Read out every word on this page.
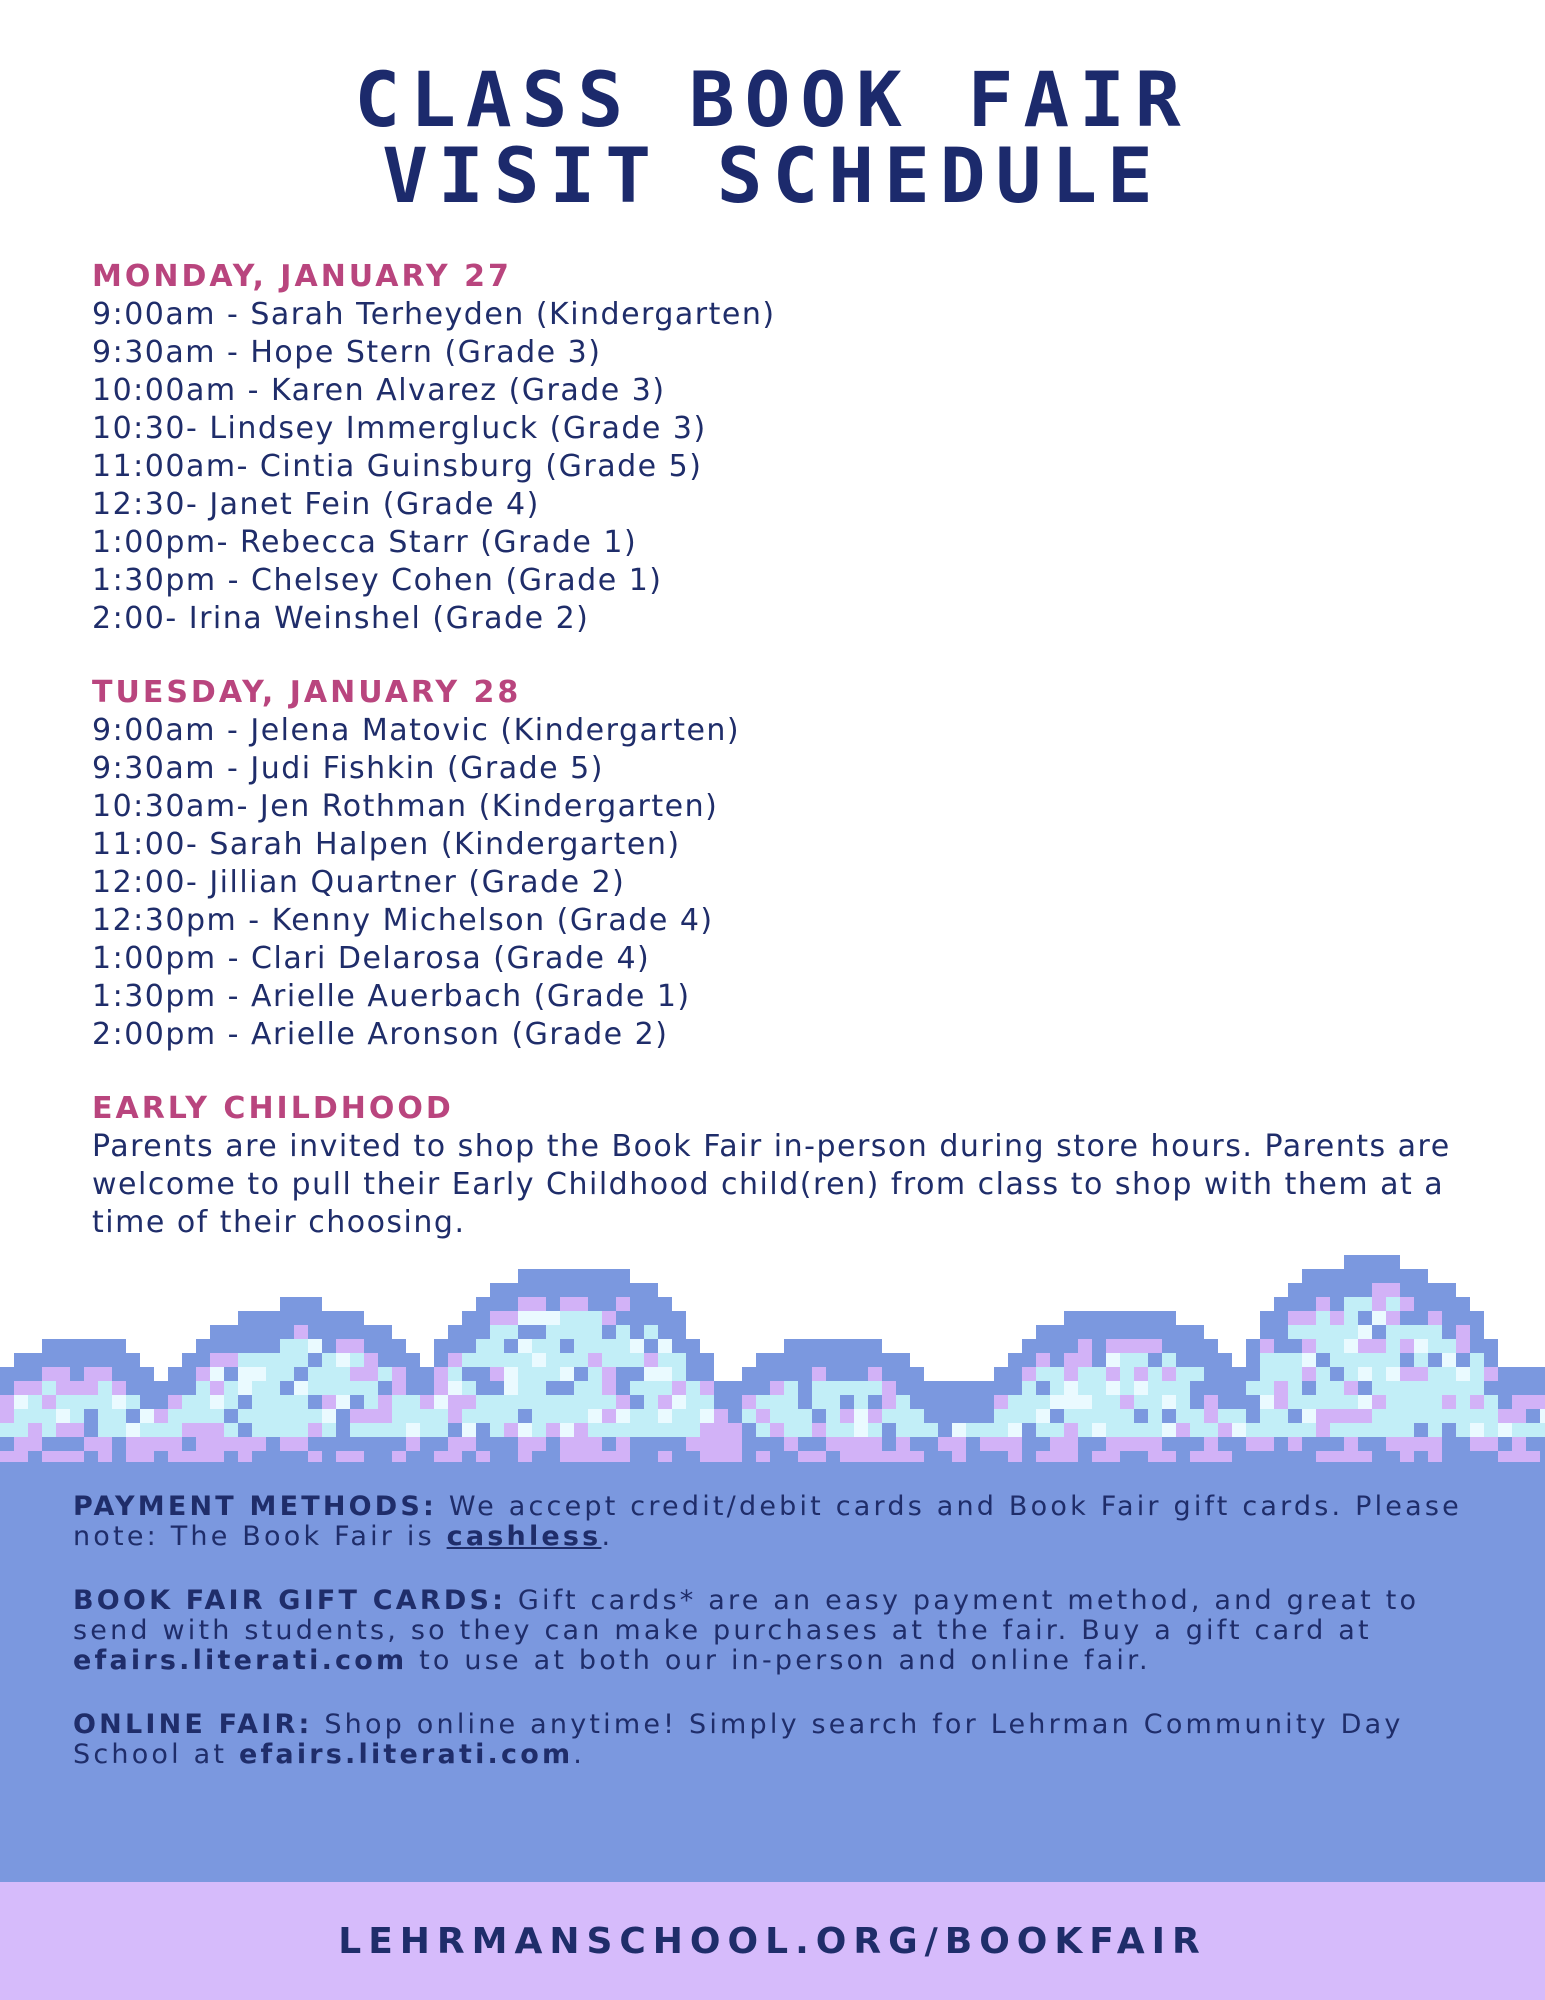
CLASS BOOK FAIR
VISIT SCHEDULE
MONDAY, JANUARY 27

9:00am - Sarah Terheyden (Kindergarten)

9:30am - Hope Stern (Grade 3)

10:00am - Karen Alvarez (Grade 3)

10:30- Lindsey Immergluck (Grade 3)

11:00am- Cintia Guinsburg (Grade 5)

12:30- Janet Fein (Grade 4)

1:00pm- Rebecca Starr (Grade 1)

1:30pm - Chelsey Cohen (Grade 1)

2:00- Irina Weinshel (Grade 2)

TUESDAY, JANUARY 28

9:00am - Jelena Matovic (Kindergarten)

9:30am - Judi Fishkin (Grade 5)

10:30am- Jen Rothman (Kindergarten)

11:00- Sarah Halpen (Kindergarten)

12:00- Jillian Quartner (Grade 2)

12:30pm - Kenny Michelson (Grade 4)

1:00pm - Clari Delarosa (Grade 4)

1:30pm - Arielle Auerbach (Grade 1)

2:00pm - Arielle Aronson (Grade 2)

EARLY CHILDHOOD

Parents are invited to shop the Book Fair in-person during store hours. Parents are welcome to pull their Early Childhood child(ren) from class to shop with them at a time of their choosing.

PAYMENT METHODS: We accept credit/debit cards and Book Fair gift cards. Please note: The Book Fair is cashless.

BOOK FAIR GIFT CARDS: Gift cards* are an easy payment method, and great to send with students, so they can make purchases at the fair. Buy a gift card at efairs.literati.com to use at both our in-person and online fair.

ONLINE FAIR: Shop online anytime! Simply search for Lehrman Community Day School at efairs.literati.com.

LEHRMANSCHOOL.ORG/BOOKFAIR
